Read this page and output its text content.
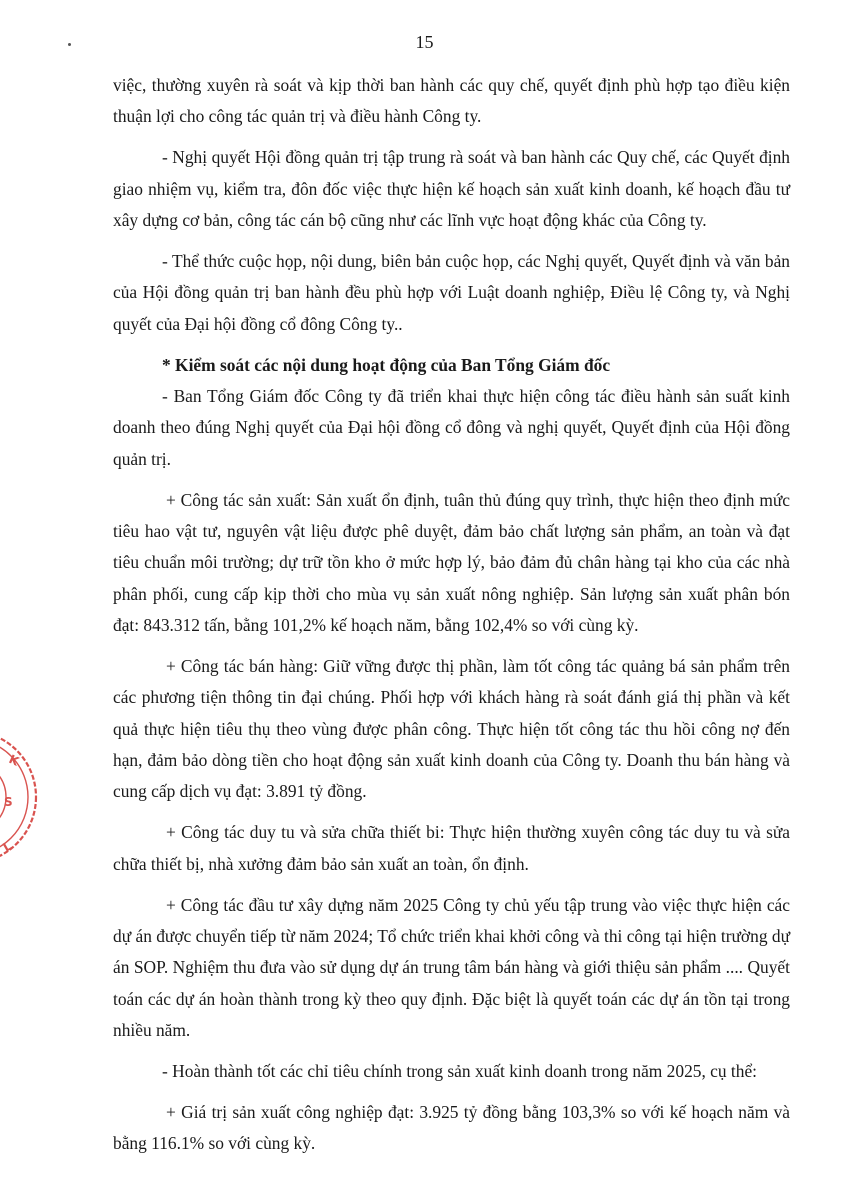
15
K
S
L

việc, thường xuyên rà soát và kịp thời ban hành các quy chế, quyết định phù hợp tạo điều kiện thuận lợi cho công tác quản trị và điều hành Công ty.

- Nghị quyết Hội đồng quản trị tập trung rà soát và ban hành các Quy chế, các Quyết định giao nhiệm vụ, kiểm tra, đôn đốc việc thực hiện kế hoạch sản xuất kinh doanh, kế hoạch đầu tư xây dựng cơ bản, công tác cán bộ cũng như các lĩnh vực hoạt động khác của Công ty.

- Thể thức cuộc họp, nội dung, biên bản cuộc họp, các Nghị quyết, Quyết định và văn bản của Hội đồng quản trị ban hành đều phù hợp với Luật doanh nghiệp, Điều lệ Công ty, và Nghị quyết của Đại hội đồng cổ đông Công ty..

* Kiểm soát các nội dung hoạt động của Ban Tổng Giám đốc

- Ban Tổng Giám đốc Công ty đã triển khai thực hiện công tác điều hành sản suất kinh doanh theo đúng Nghị quyết của Đại hội đồng cổ đông và nghị quyết, Quyết định của Hội đồng quản trị.

+ Công tác sản xuất: Sản xuất ổn định, tuân thủ đúng quy trình, thực hiện theo định mức tiêu hao vật tư, nguyên vật liệu được phê duyệt, đảm bảo chất lượng sản phẩm, an toàn và đạt tiêu chuẩn môi trường; dự trữ tồn kho ở mức hợp lý, bảo đảm đủ chân hàng tại kho của các nhà phân phối, cung cấp kịp thời cho mùa vụ sản xuất nông nghiệp. Sản lượng sản xuất phân bón đạt: 843.312 tấn, bằng 101,2% kế hoạch năm, bằng 102,4% so với cùng kỳ.

+ Công tác bán hàng: Giữ vững được thị phần, làm tốt công tác quảng bá sản phẩm trên các phương tiện thông tin đại chúng. Phối hợp với khách hàng rà soát đánh giá thị phần và kết quả thực hiện tiêu thụ theo vùng được phân công. Thực hiện tốt công tác thu hồi công nợ đến hạn, đảm bảo dòng tiền cho hoạt động sản xuất kinh doanh của Công ty. Doanh thu bán hàng và cung cấp dịch vụ đạt: 3.891 tỷ đồng.

+ Công tác duy tu và sửa chữa thiết bi: Thực hiện thường xuyên công tác duy tu và sửa chữa thiết bị, nhà xưởng đảm bảo sản xuất an toàn, ổn định.

+ Công tác đầu tư xây dựng năm 2025 Công ty chủ yếu tập trung vào việc thực hiện các dự án được chuyển tiếp từ năm 2024; Tổ chức triển khai khởi công và thi công tại hiện trường dự án SOP. Nghiệm thu đưa vào sử dụng dự án trung tâm bán hàng và giới thiệu sản phẩm .... Quyết toán các dự án hoàn thành trong kỳ theo quy định. Đặc biệt là quyết toán các dự án tồn tại trong nhiều năm.

- Hoàn thành tốt các chỉ tiêu chính trong sản xuất kinh doanh trong năm 2025, cụ thể:

+ Giá trị sản xuất công nghiệp đạt: 3.925 tỷ đồng bằng 103,3% so với kế hoạch năm và bằng 116.1% so với cùng kỳ.
